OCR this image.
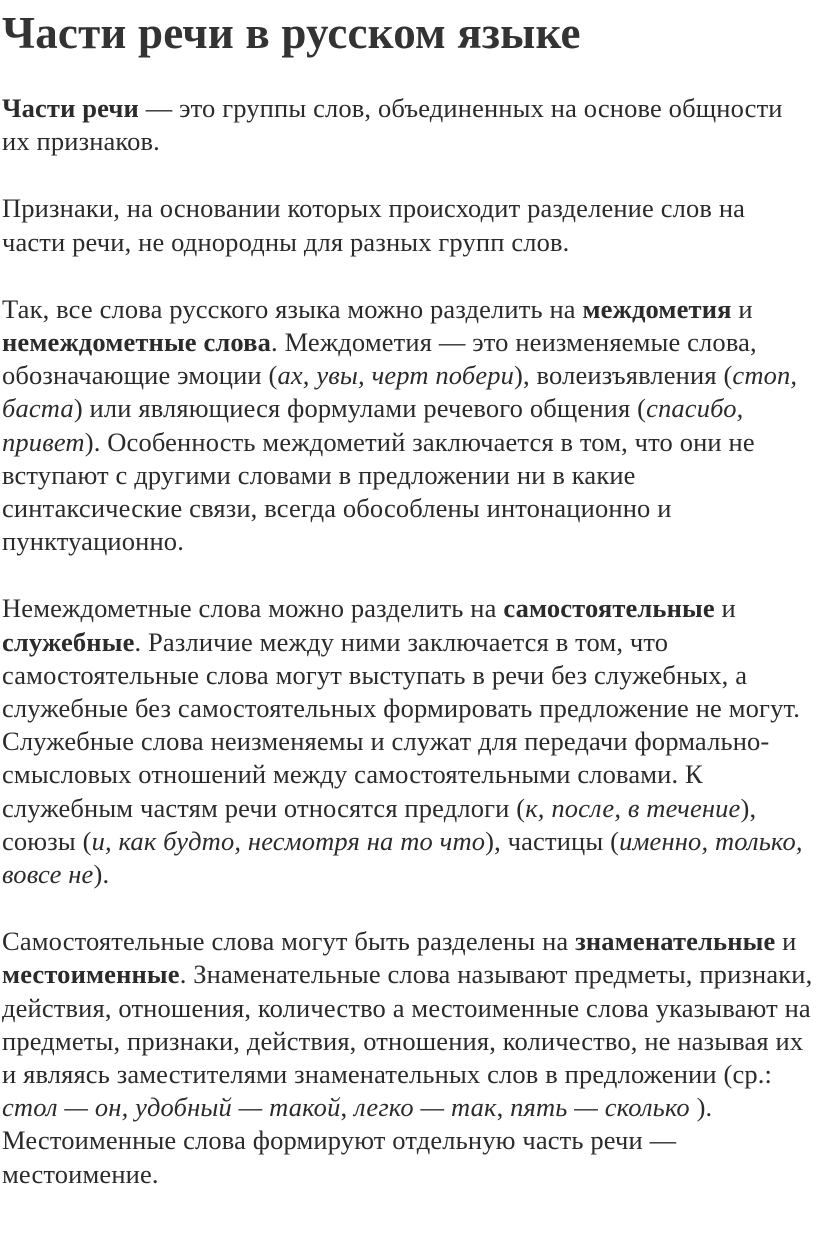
Части речи в русском языке

Части речи — это группы слов, объединенных на основе общности их признаков.

Признаки, на основании которых происходит разделение слов на части речи, не однородны для разных групп слов.

Так, все слова русского языка можно разделить на междометия и немеждометные слова. Междометия — это неизменяемые слова, обозначающие эмоции (ах, увы, черт побери), волеизъявления (стоп, баста) или являющиеся формулами речевого общения (спасибо, привет). Особенность междометий заключается в том, что они не вступают с другими словами в предложении ни в какие синтаксические связи, всегда обособлены интонационно и пунктуационно.

Немеждометные слова можно разделить на самостоятельные и служебные. Различие между ними заключается в том, что самостоятельные слова могут выступать в речи без служебных, а служебные без самостоятельных формировать предложение не могут. Служебные слова неизменяемы и служат для передачи формально-смысловых отношений между самостоятельными словами. К служебным частям речи относятся предлоги (к, после, в течение), союзы (и, как будто, несмотря на то что), частицы (именно, только, вовсе не).

Самостоятельные слова могут быть разделены на знаменательные и местоименные. Знаменательные слова называют предметы, признаки, действия, отношения, количество а местоименные слова указывают на предметы, признаки, действия, отношения, количество, не называя их и являясь заместителями знаменательных слов в предложении (ср.: стол — он, удобный — такой, легко — так, пять — сколько ). Местоименные слова формируют отдельную часть речи — местоимение.
